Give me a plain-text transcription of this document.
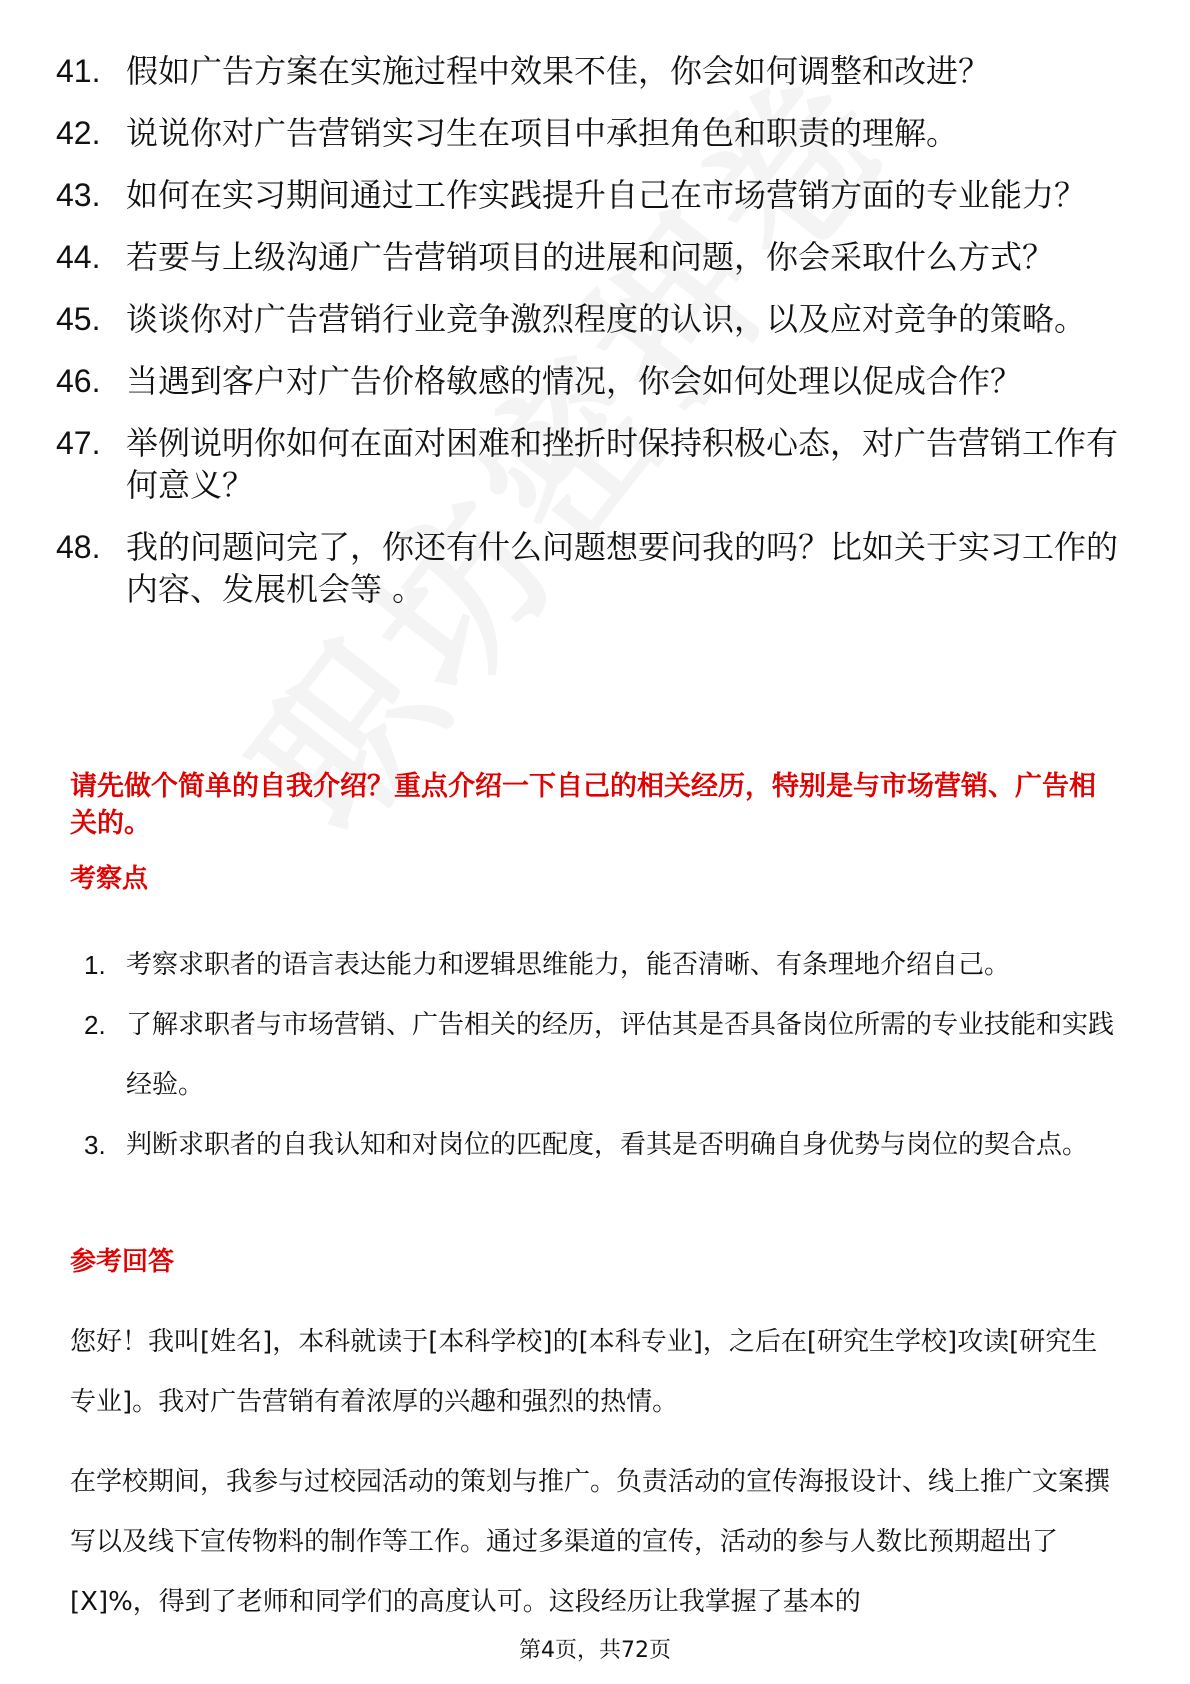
41. 假如广告方案在实施过程中效果不佳，你会如何调整和改进？
42. 说说你对广告营销实习生在项目中承担角色和职责的理解。
43. 如何在实习期间通过工作实践提升自己在市场营销方面的专业能力？
44. 若要与上级沟通广告营销项目的进展和问题，你会采取什么方式？
45. 谈谈你对广告营销行业竞争激烈程度的认识，以及应对竞争的策略。
46. 当遇到客户对广告价格敏感的情况，你会如何处理以促成合作？
47. 举例说明你如何在面对困难和挫折时保持积极心态，对广告营销工作有何意义？
48. 我的问题问完了，你还有什么问题想要问我的吗？比如关于实习工作的内容、发展机会等 。

请先做个简单的自我介绍？重点介绍一下自己的相关经历，特别是与市场营销、广告相关的。

考察点

1. 考察求职者的语言表达能力和逻辑思维能力，能否清晰、有条理地介绍自己。
2. 了解求职者与市场营销、广告相关的经历，评估其是否具备岗位所需的专业技能和实践经验。
3. 判断求职者的自我认知和对岗位的匹配度，看其是否明确自身优势与岗位的契合点。

参考回答

您好！我叫[姓名]，本科就读于[本科学校]的[本科专业]，之后在[研究生学校]攻读[研究生专业]。我对广告营销有着浓厚的兴趣和强烈的热情。

在学校期间，我参与过校园活动的策划与推广。负责活动的宣传海报设计、线上推广文案撰写以及线下宣传物料的制作等工作。通过多渠道的宣传，活动的参与人数比预期超出了[X]%，得到了老师和同学们的高度认可。这段经历让我掌握了基本的

第4页，共72页
